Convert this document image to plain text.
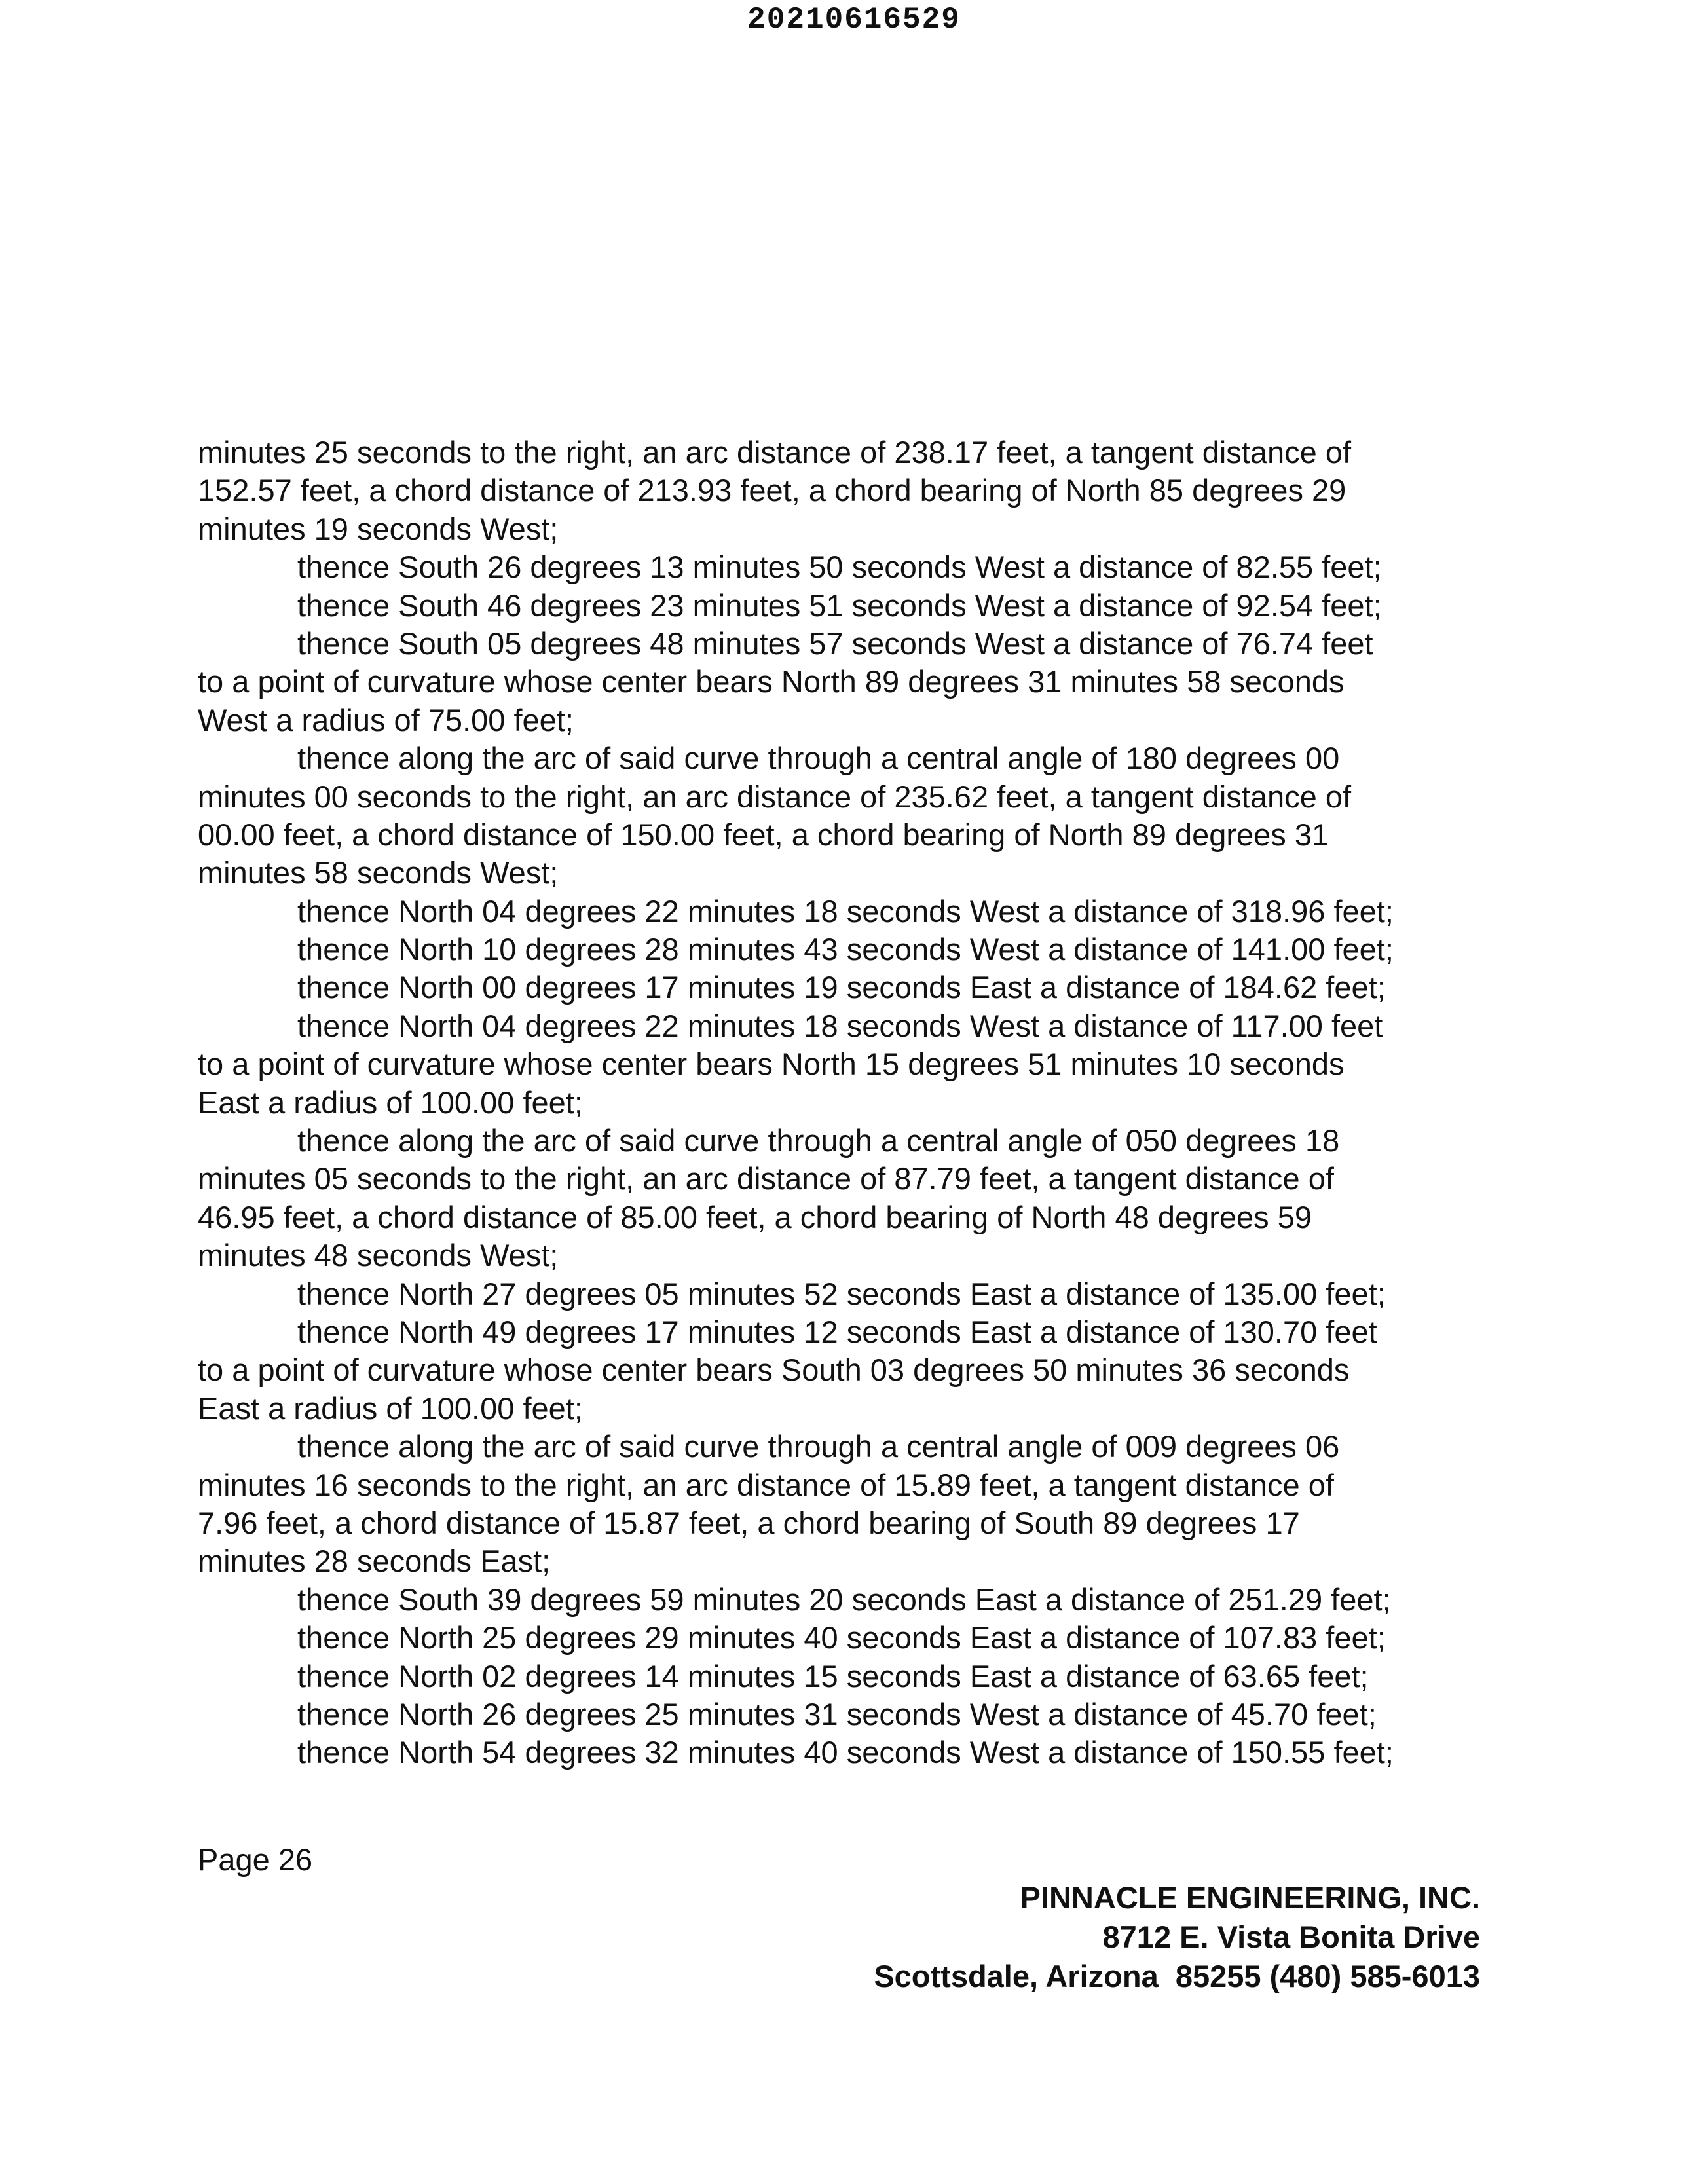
20210616529
minutes 25 seconds to the right, an arc distance of 238.17 feet, a tangent distance of
152.57 feet, a chord distance of 213.93 feet, a chord bearing of North 85 degrees 29
minutes 19 seconds West;
thence South 26 degrees 13 minutes 50 seconds West a distance of 82.55 feet;
thence South 46 degrees 23 minutes 51 seconds West a distance of 92.54 feet;
thence South 05 degrees 48 minutes 57 seconds West a distance of 76.74 feet
to a point of curvature whose center bears North 89 degrees 31 minutes 58 seconds
West a radius of 75.00 feet;
thence along the arc of said curve through a central angle of 180 degrees 00
minutes 00 seconds to the right, an arc distance of 235.62 feet, a tangent distance of
00.00 feet, a chord distance of 150.00 feet, a chord bearing of North 89 degrees 31
minutes 58 seconds West;
thence North 04 degrees 22 minutes 18 seconds West a distance of 318.96 feet;
thence North 10 degrees 28 minutes 43 seconds West a distance of 141.00 feet;
thence North 00 degrees 17 minutes 19 seconds East a distance of 184.62 feet;
thence North 04 degrees 22 minutes 18 seconds West a distance of 117.00 feet
to a point of curvature whose center bears North 15 degrees 51 minutes 10 seconds
East a radius of 100.00 feet;
thence along the arc of said curve through a central angle of 050 degrees 18
minutes 05 seconds to the right, an arc distance of 87.79 feet, a tangent distance of
46.95 feet, a chord distance of 85.00 feet, a chord bearing of North 48 degrees 59
minutes 48 seconds West;
thence North 27 degrees 05 minutes 52 seconds East a distance of 135.00 feet;
thence North 49 degrees 17 minutes 12 seconds East a distance of 130.70 feet
to a point of curvature whose center bears South 03 degrees 50 minutes 36 seconds
East a radius of 100.00 feet;
thence along the arc of said curve through a central angle of 009 degrees 06
minutes 16 seconds to the right, an arc distance of 15.89 feet, a tangent distance of
7.96 feet, a chord distance of 15.87 feet, a chord bearing of South 89 degrees 17
minutes 28 seconds East;
thence South 39 degrees 59 minutes 20 seconds East a distance of 251.29 feet;
thence North 25 degrees 29 minutes 40 seconds East a distance of 107.83 feet;
thence North 02 degrees 14 minutes 15 seconds East a distance of 63.65 feet;
thence North 26 degrees 25 minutes 31 seconds West a distance of 45.70 feet;
thence North 54 degrees 32 minutes 40 seconds West a distance of 150.55 feet;
Page 26
PINNACLE ENGINEERING, INC.
8712 E. Vista Bonita Drive
Scottsdale, Arizona  85255 (480) 585-6013
